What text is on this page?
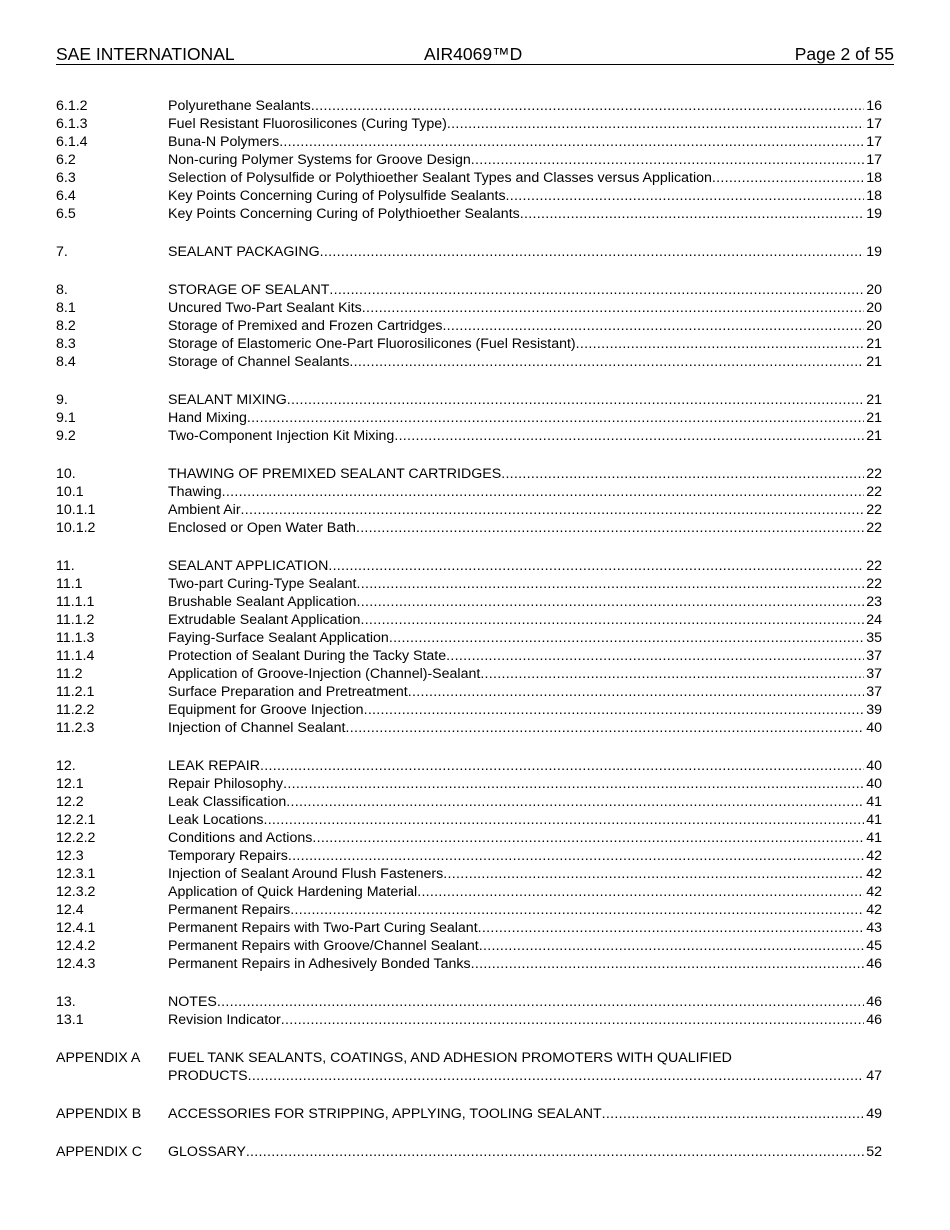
SAE INTERNATIONAL	AIR4069™D	Page 2 of 55
6.1.2	Polyurethane Sealants .....	16
6.1.3	Fuel Resistant Fluorosilicones (Curing Type) .....	17
6.1.4	Buna-N Polymers .....	17
6.2	Non-curing Polymer Systems for Groove Design .....	17
6.3	Selection of Polysulfide or Polythioether Sealant Types and Classes versus Application .....	18
6.4	Key Points Concerning Curing of Polysulfide Sealants .....	18
6.5	Key Points Concerning Curing of Polythioether Sealants .....	19
7.	SEALANT PACKAGING .....	19
8.	STORAGE OF SEALANT .....	20
8.1	Uncured Two-Part Sealant Kits .....	20
8.2	Storage of Premixed and Frozen Cartridges .....	20
8.3	Storage of Elastomeric One-Part Fluorosilicones (Fuel Resistant) .....	21
8.4	Storage of Channel Sealants .....	21
9.	SEALANT MIXING .....	21
9.1	Hand Mixing .....	21
9.2	Two-Component Injection Kit Mixing .....	21
10.	THAWING OF PREMIXED SEALANT CARTRIDGES .....	22
10.1	Thawing .....	22
10.1.1	Ambient Air .....	22
10.1.2	Enclosed or Open Water Bath .....	22
11.	SEALANT APPLICATION .....	22
11.1	Two-part Curing-Type Sealant .....	22
11.1.1	Brushable Sealant Application .....	23
11.1.2	Extrudable Sealant Application .....	24
11.1.3	Faying-Surface Sealant Application .....	35
11.1.4	Protection of Sealant During the Tacky State .....	37
11.2	Application of Groove-Injection (Channel)-Sealant .....	37
11.2.1	Surface Preparation and Pretreatment .....	37
11.2.2	Equipment for Groove Injection .....	39
11.2.3	Injection of Channel Sealant .....	40
12.	LEAK REPAIR .....	40
12.1	Repair Philosophy .....	40
12.2	Leak Classification .....	41
12.2.1	Leak Locations .....	41
12.2.2	Conditions and Actions .....	41
12.3	Temporary Repairs .....	42
12.3.1	Injection of Sealant Around Flush Fasteners .....	42
12.3.2	Application of Quick Hardening Material .....	42
12.4	Permanent Repairs .....	42
12.4.1	Permanent Repairs with Two-Part Curing Sealant .....	43
12.4.2	Permanent Repairs with Groove/Channel Sealant .....	45
12.4.3	Permanent Repairs in Adhesively Bonded Tanks .....	46
13.	NOTES .....	46
13.1	Revision Indicator .....	46
APPENDIX A	FUEL TANK SEALANTS, COATINGS, AND ADHESION PROMOTERS WITH QUALIFIED
PRODUCTS .....	47
APPENDIX B	ACCESSORIES FOR STRIPPING, APPLYING, TOOLING SEALANT .....	49
APPENDIX C	GLOSSARY .....	52
